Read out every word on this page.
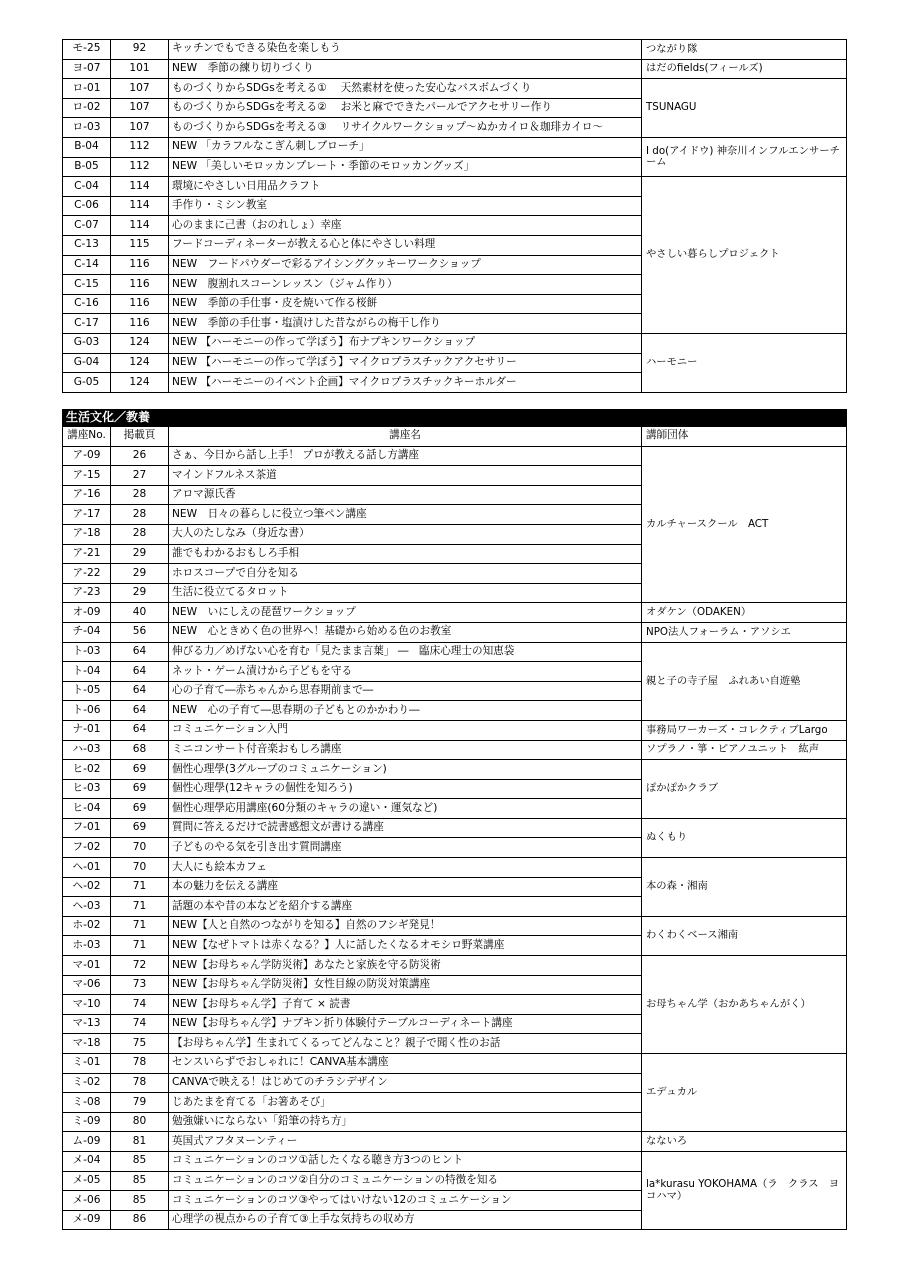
モ-25	92	キッチンでもできる染色を楽しもう	つながり隊
ヨ-07	101	NEW　季節の練り切りづくり	はだのfields(フィールズ)
ロ-01	107	ものづくりからSDGsを考える①　 天然素材を使った安心なバスボムづくり	TSUNAGU
ロ-02	107	ものづくりからSDGsを考える②　 お米と麻でできたパールでアクセサリー作り	
ロ-03	107	ものづくりからSDGsを考える③　 リサイクルワークショップ～ぬかカイロ＆珈琲カイロ～	
B-04	112	NEW 「カラフルなこぎん刺しブローチ」	I do(アイドウ) 神奈川インフルエンサーチーム
B-05	112	NEW 「美しいモロッカンプレート・季節のモロッカングッズ」	
C-04	114	環境にやさしい日用品クラフト	やさしい暮らしプロジェクト
C-06	114	手作り・ミシン教室	
C-07	114	心のままに己書（おのれしょ）幸座	
C-13	115	フードコーディネーターが教える心と体にやさしい料理	
C-14	116	NEW　フードパウダーで彩るアイシングクッキーワークショップ	
C-15	116	NEW　腹割れスコーンレッスン（ジャム作り）	
C-16	116	NEW　季節の手仕事・皮を焼いて作る桜餅	
C-17	116	NEW　季節の手仕事・塩漬けした昔ながらの梅干し作り	
G-03	124	NEW 【ハーモニーの作って学ぼう】布ナプキンワークショップ	ハーモニー
G-04	124	NEW 【ハーモニーの作って学ぼう】マイクロプラスチックアクセサリー	
G-05	124	NEW 【ハーモニーのイベント企画】マイクロプラスチックキーホルダー	
生活文化／教養			
講座No.	掲載頁	講座名	講師団体
ア-09	26	さぁ、今日から話し上手！ プロが教える話し方講座	カルチャースクール　ACT
ア-15	27	マインドフルネス茶道	
ア-16	28	アロマ源氏香	
ア-17	28	NEW　日々の暮らしに役立つ筆ペン講座	
ア-18	28	大人のたしなみ（身近な書）	
ア-21	29	誰でもわかるおもしろ手相	
ア-22	29	ホロスコープで自分を知る	
ア-23	29	生活に役立てるタロット	
オ-09	40	NEW　いにしえの琵琶ワークショップ	オダケン（ODAKEN）
チ-04	56	NEW　心ときめく色の世界へ！基礎から始める色のお教室	NPO法人フォーラム・アソシエ
ト-03	64	伸びる力／めげない心を育む「見たまま言葉」 ―　臨床心理士の知恵袋	親と子の寺子屋　ふれあい自遊塾
ト-04	64	ネット・ゲーム漬けから子どもを守る	
ト-05	64	心の子育て―赤ちゃんから思春期前まで―	
ト-06	64	NEW　心の子育て―思春期の子どもとのかかわり―	
ナ-01	64	コミュニケーション入門	事務局ワーカーズ・コレクティブLargo
ハ-03	68	ミニコンサート付音楽おもしろ講座	ソプラノ・箏・ピアノユニット　紘声
ヒ-02	69	個性心理學(3グループのコミュニケーション)	ぽかぽかクラブ
ヒ-03	69	個性心理學(12キャラの個性を知ろう)	
ヒ-04	69	個性心理學応用講座(60分類のキャラの違い・運気など)	
フ-01	69	質問に答えるだけで読書感想文が書ける講座	ぬくもり
フ-02	70	子どものやる気を引き出す質問講座	
ヘ-01	70	大人にも絵本カフェ	本の森・湘南
ヘ-02	71	本の魅力を伝える講座	
ヘ-03	71	話題の本や昔の本などを紹介する講座	
ホ-02	71	NEW【人と自然のつながりを知る】自然のフシギ発見！	わくわくベース湘南
ホ-03	71	NEW【なぜトマトは赤くなる？】人に話したくなるオモシロ野菜講座	
マ-01	72	NEW【お母ちゃん学防災術】あなたと家族を守る防災術	お母ちゃん学（おかあちゃんがく）
マ-06	73	NEW【お母ちゃん学防災術】女性目線の防災対策講座	
マ-10	74	NEW【お母ちゃん学】子育て × 読書	
マ-13	74	NEW【お母ちゃん学】ナプキン折り体験付テーブルコーディネート講座	
マ-18	75	【お母ちゃん学】生まれてくるってどんなこと？親子で聞く性のお話	
ミ-01	78	センスいらずでおしゃれに！CANVA基本講座	エデュカル
ミ-02	78	CANVAで映える！はじめてのチラシデザイン	
ミ-08	79	じあたまを育てる「お箸あそび」	
ミ-09	80	勉強嫌いにならない「鉛筆の持ち方」	
ム-09	81	英国式アフタヌーンティー	なないろ
メ-04	85	コミュニケーションのコツ①話したくなる聴き方3つのヒント	la*kurasu YOKOHAMA（ラ　クラス　ヨコハマ）
メ-05	85	コミュニケーションのコツ②自分のコミュニケーションの特徴を知る	
メ-06	85	コミュニケーションのコツ③やってはいけない12のコミュニケーション	
メ-09	86	心理学の視点からの子育て③上手な気持ちの収め方	
